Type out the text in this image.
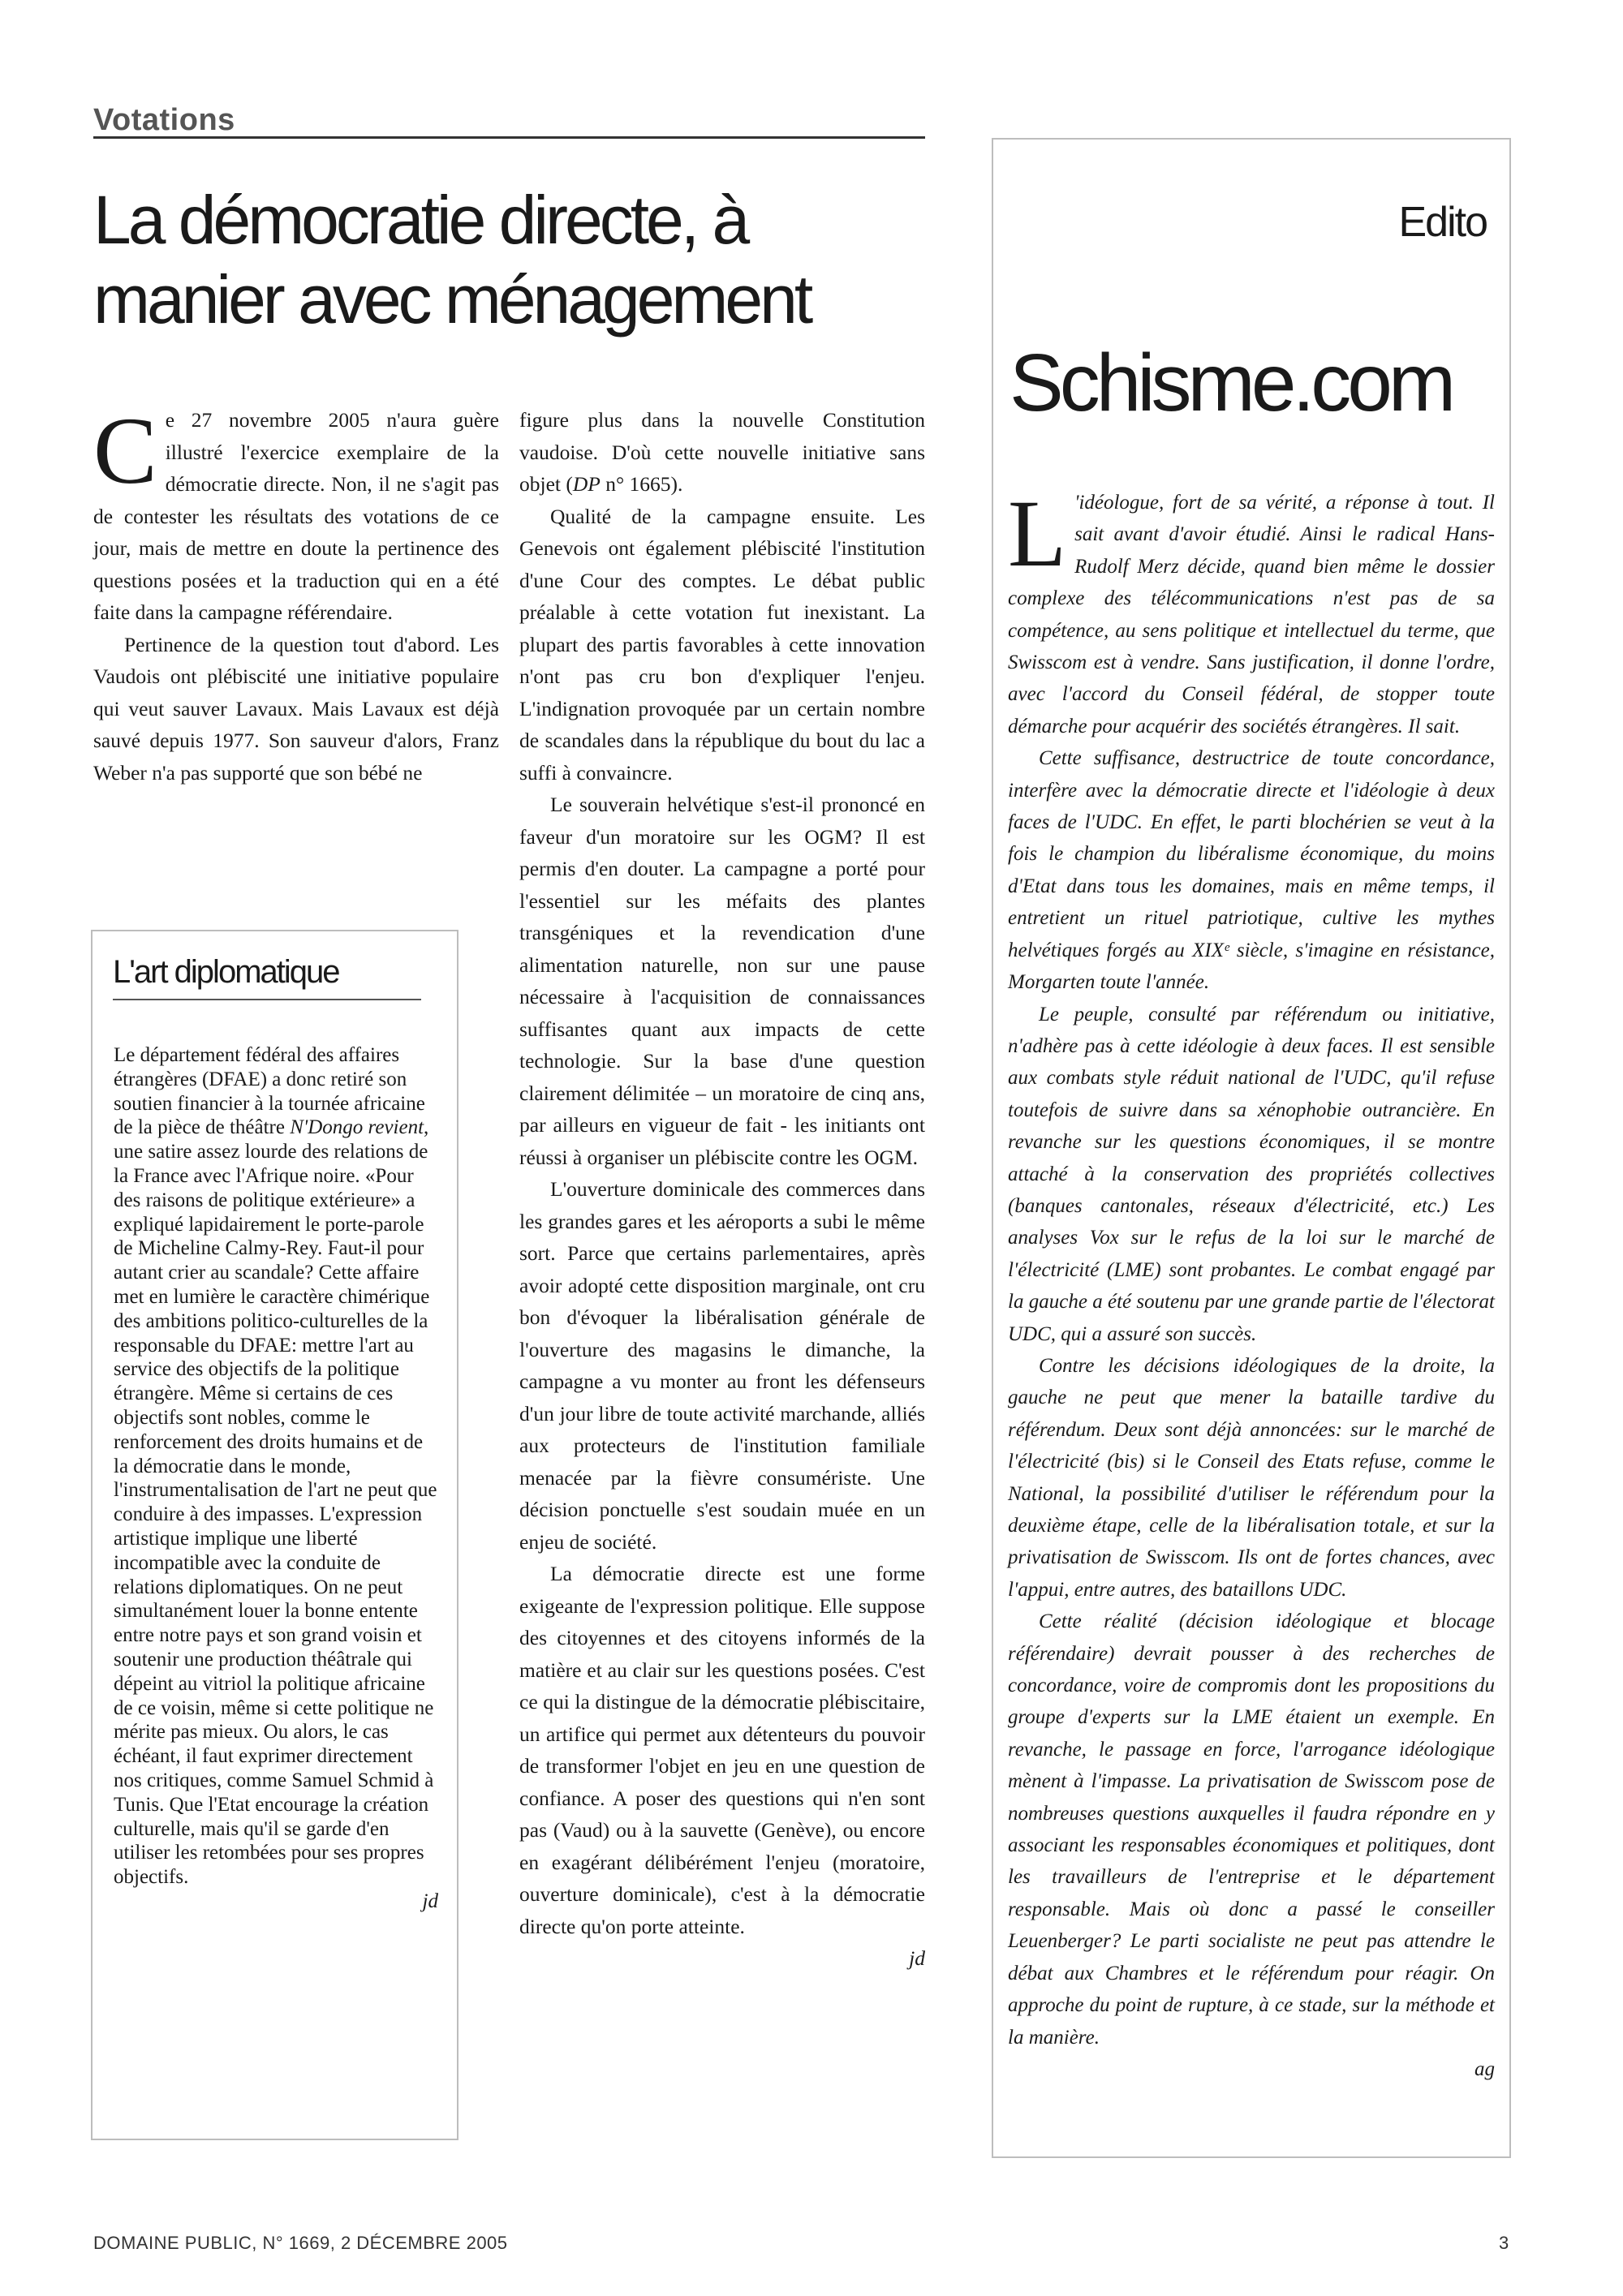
Votations
La démocratie directe, à manier avec ménagement

Ce 27 novembre 2005 n'aura guère illustré l'exercice exemplaire de la démocratie directe. Non, il ne s'agit pas de contester les résultats des votations de ce jour, mais de mettre en doute la pertinence des questions posées et la traduction qui en a été faite dans la campagne référendaire.

Pertinence de la question tout d'abord. Les Vaudois ont plébiscité une initiative populaire qui veut sauver Lavaux. Mais Lavaux est déjà sauvé depuis 1977. Son sauveur d'alors, Franz Weber n'a pas supporté que son bébé ne

figure plus dans la nouvelle Constitution vaudoise. D'où cette nouvelle initiative sans objet (DP n° 1665).

Qualité de la campagne ensuite. Les Genevois ont également plébiscité l'institution d'une Cour des comptes. Le débat public préalable à cette votation fut inexistant. La plupart des partis favorables à cette innovation n'ont pas cru bon d'expliquer l'enjeu. L'indignation provoquée par un certain nombre de scandales dans la république du bout du lac a suffi à convaincre.

Le souverain helvétique s'est-il prononcé en faveur d'un moratoire sur les OGM? Il est permis d'en douter. La campagne a porté pour l'essentiel sur les méfaits des plantes transgéniques et la revendication d'une alimentation naturelle, non sur une pause nécessaire à l'acquisition de connaissances suffisantes quant aux impacts de cette technologie. Sur la base d'une question clairement délimitée – un moratoire de cinq ans, par ailleurs en vigueur de fait - les initiants ont réussi à organiser un plébiscite contre les OGM.

L'ouverture dominicale des commerces dans les grandes gares et les aéroports a subi le même sort. Parce que certains parlementaires, après avoir adopté cette disposition marginale, ont cru bon d'évoquer la libéralisation générale de l'ouverture des magasins le dimanche, la campagne a vu monter au front les défenseurs d'un jour libre de toute activité marchande, alliés aux protecteurs de l'institution familiale menacée par la fièvre consumériste. Une décision ponctuelle s'est soudain muée en un enjeu de société.

La démocratie directe est une forme exigeante de l'expression politique. Elle suppose des citoyennes et des citoyens informés de la matière et au clair sur les questions posées. C'est ce qui la distingue de la démocratie plébiscitaire, un artifice qui permet aux détenteurs du pouvoir de transformer l'objet en jeu en une question de confiance. A poser des questions qui n'en sont pas (Vaud) ou à la sauvette (Genève), ou encore en exagérant délibérément l'enjeu (moratoire, ouverture dominicale), c'est à la démocratie directe qu'on porte atteinte.

jd
L'art diplomatique
Le département fédéral des affaires étrangères (DFAE) a donc retiré son soutien financier à la tournée africaine de la pièce de théâtre N'Dongo revient, une satire assez lourde des relations de la France avec l'Afrique noire. «Pour des raisons de politique extérieure» a expliqué lapidairement le porte-parole de Micheline Calmy-Rey. Faut-il pour autant crier au scandale? Cette affaire met en lumière le caractère chimérique des ambitions politico-culturelles de la responsable du DFAE: mettre l'art au service des objectifs de la politique étrangère. Même si certains de ces objectifs sont nobles, comme le renforcement des droits humains et de la démocratie dans le monde, l'instrumentalisation de l'art ne peut que conduire à des impasses. L'expression artistique implique une liberté incompatible avec la conduite de relations diplomatiques. On ne peut simultanément louer la bonne entente entre notre pays et son grand voisin et soutenir une production théâtrale qui dépeint au vitriol la politique africaine de ce voisin, même si cette politique ne mérite pas mieux. Ou alors, le cas échéant, il faut exprimer directement nos critiques, comme Samuel Schmid à Tunis. Que l'Etat encourage la création culturelle, mais qu'il se garde d'en utiliser les retombées pour ses propres objectifs.
jd
Edito
Schisme.com

L 'idéologue, fort de sa vérité, a réponse à tout. Il sait avant d'avoir étudié. Ainsi le radical Hans-Rudolf Merz décide, quand bien même le dossier complexe des télécommunications n'est pas de sa compétence, au sens politique et intellectuel du terme, que Swisscom est à vendre. Sans justification, il donne l'ordre, avec l'accord du Conseil fédéral, de stopper toute démarche pour acquérir des sociétés étrangères. Il sait.

Cette suffisance, destructrice de toute concordance, interfère avec la démocratie directe et l'idéologie à deux faces de l'UDC. En effet, le parti blochérien se veut à la fois le champion du libéralisme économique, du moins d'Etat dans tous les domaines, mais en même temps, il entretient un rituel patriotique, cultive les mythes helvétiques forgés au XIXᵉ siècle, s'imagine en résistance, Morgarten toute l'année.

Le peuple, consulté par référendum ou initiative, n'adhère pas à cette idéologie à deux faces. Il est sensible aux combats style réduit national de l'UDC, qu'il refuse toutefois de suivre dans sa xénophobie outrancière. En revanche sur les questions économiques, il se montre attaché à la conservation des propriétés collectives (banques cantonales, réseaux d'électricité, etc.) Les analyses Vox sur le refus de la loi sur le marché de l'électricité (LME) sont probantes. Le combat engagé par la gauche a été soutenu par une grande partie de l'électorat UDC, qui a assuré son succès.

Contre les décisions idéologiques de la droite, la gauche ne peut que mener la bataille tardive du référendum. Deux sont déjà annoncées: sur le marché de l'électricité (bis) si le Conseil des Etats refuse, comme le National, la possibilité d'utiliser le référendum pour la deuxième étape, celle de la libéralisation totale, et sur la privatisation de Swisscom. Ils ont de fortes chances, avec l'appui, entre autres, des bataillons UDC.

Cette réalité (décision idéologique et blocage référendaire) devrait pousser à des recherches de concordance, voire de compromis dont les propositions du groupe d'experts sur la LME étaient un exemple. En revanche, le passage en force, l'arrogance idéologique mènent à l'impasse. La privatisation de Swisscom pose de nombreuses questions auxquelles il faudra répondre en y associant les responsables économiques et politiques, dont les travailleurs de l'entreprise et le département responsable. Mais où donc a passé le conseiller Leuenberger? Le parti socialiste ne peut pas attendre le débat aux Chambres et le référendum pour réagir. On approche du point de rupture, à ce stade, sur la méthode et la manière.

ag
DOMAINE PUBLIC, N° 1669, 2 DÉCEMBRE 2005	3
